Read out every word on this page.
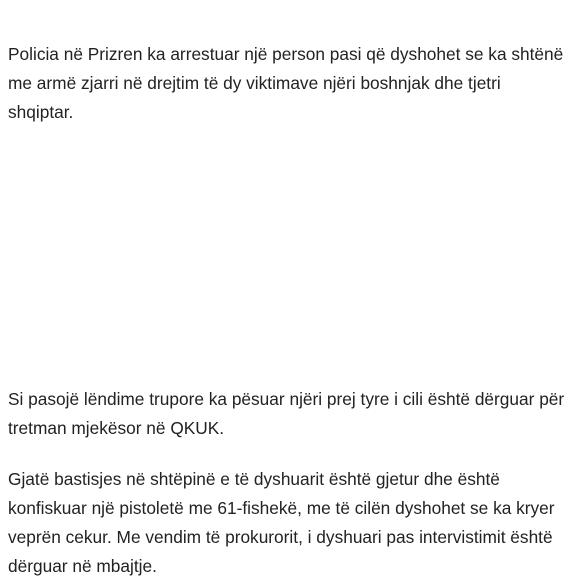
Policia në Prizren ka arrestuar një person pasi që dyshohet se ka shtënë me armë zjarri në drejtim të dy viktimave njëri boshnjak dhe tjetri shqiptar.

Si pasojë lëndime trupore ka pësuar njëri prej tyre i cili është dërguar për tretman mjekësor në QKUK.

Gjatë bastisjes në shtëpinë e të dyshuarit është gjetur dhe është konfiskuar një pistoletë me 61-fishekë, me të cilën dyshohet se ka kryer veprën cekur. Me vendim të prokurorit, i dyshuari pas intervistimit është dërguar në mbajtje.
